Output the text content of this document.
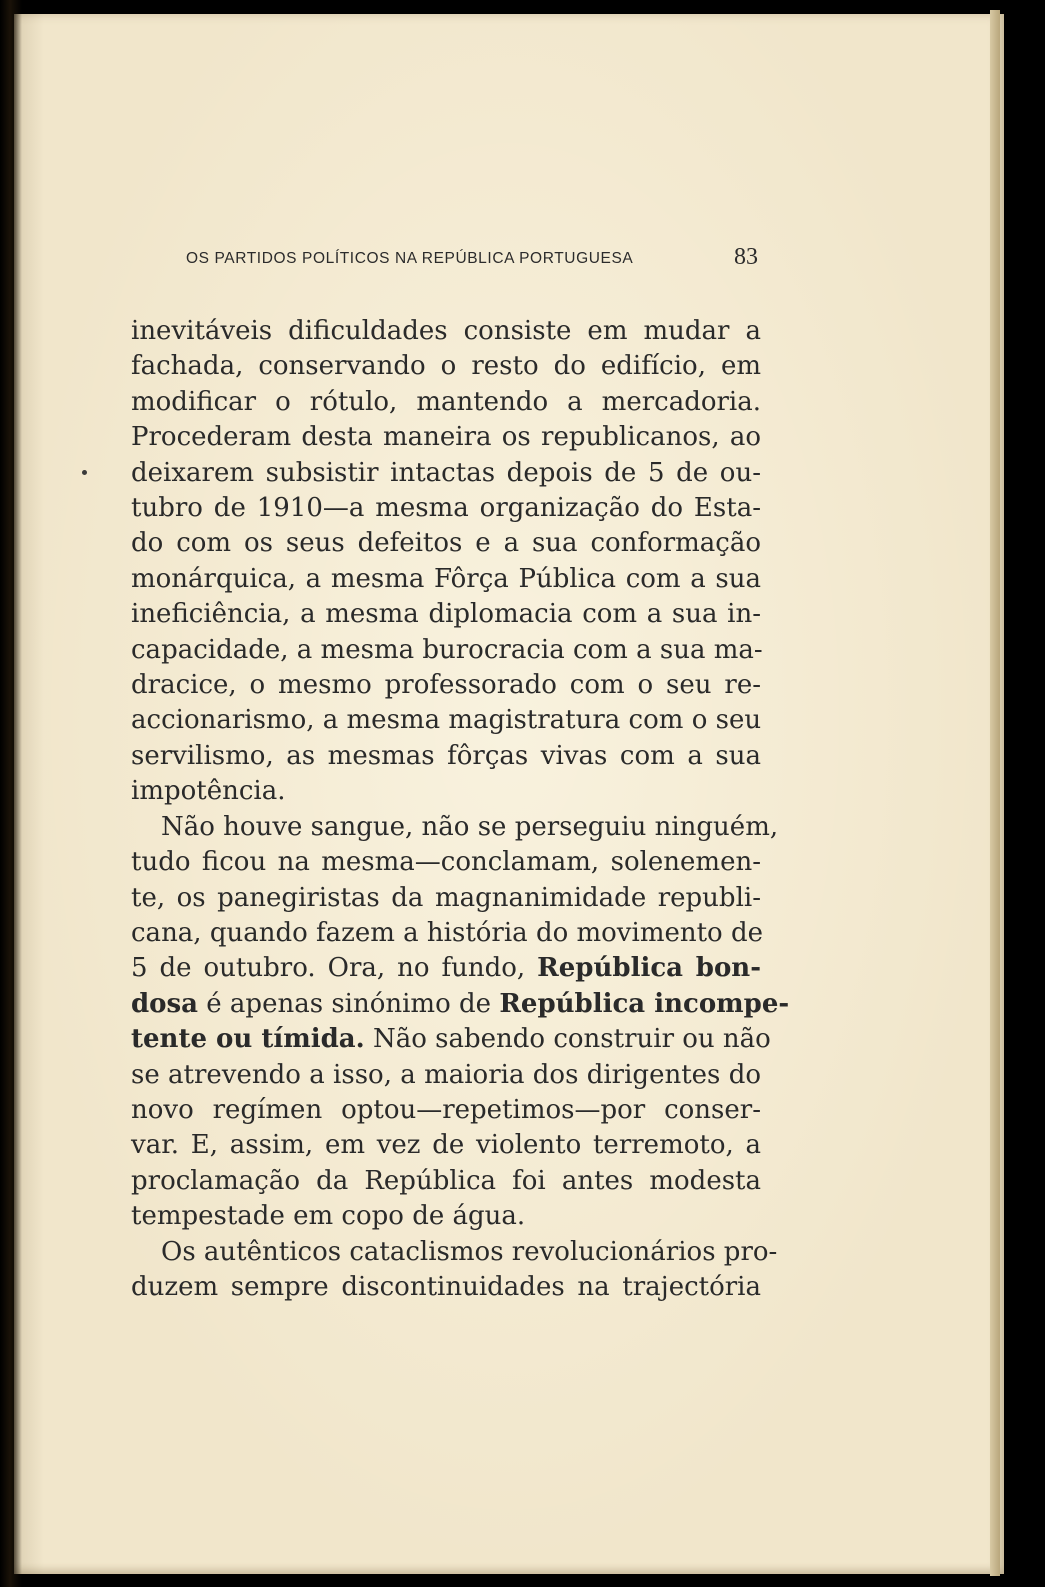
OS PARTIDOS POLÍTICOS NA REPÚBLICA PORTUGUESA	83

inevitáveis dificuldades consiste em mudar a
fachada, conservando o resto do edifício, em
modificar o rótulo, mantendo a mercadoria.
Procederam desta maneira os republicanos, ao
deixarem subsistir intactas depois de 5 de ou-
tubro de 1910—a mesma organização do Esta-
do com os seus defeitos e a sua conformação
monárquica, a mesma Fôrça Pública com a sua
ineficiência, a mesma diplomacia com a sua in-
capacidade, a mesma burocracia com a sua ma-
dracice, o mesmo professorado com o seu re-
accionarismo, a mesma magistratura com o seu
servilismo, as mesmas fôrças vivas com a sua
impotência.

Não houve sangue, não se perseguiu ninguém,
tudo ficou na mesma—conclamam, solenemen-
te, os panegiristas da magnanimidade republi-
cana, quando fazem a história do movimento de
5 de outubro. Ora, no fundo, República bon-
dosa é apenas sinónimo de República incompe-
tente ou tímida. Não sabendo construir ou não
se atrevendo a isso, a maioria dos dirigentes do
novo regímen optou—repetimos—por conser-
var. E, assim, em vez de violento terremoto, a
proclamação da República foi antes modesta
tempestade em copo de água.

Os autênticos cataclismos revolucionários pro-
duzem sempre discontinuidades na trajectória
